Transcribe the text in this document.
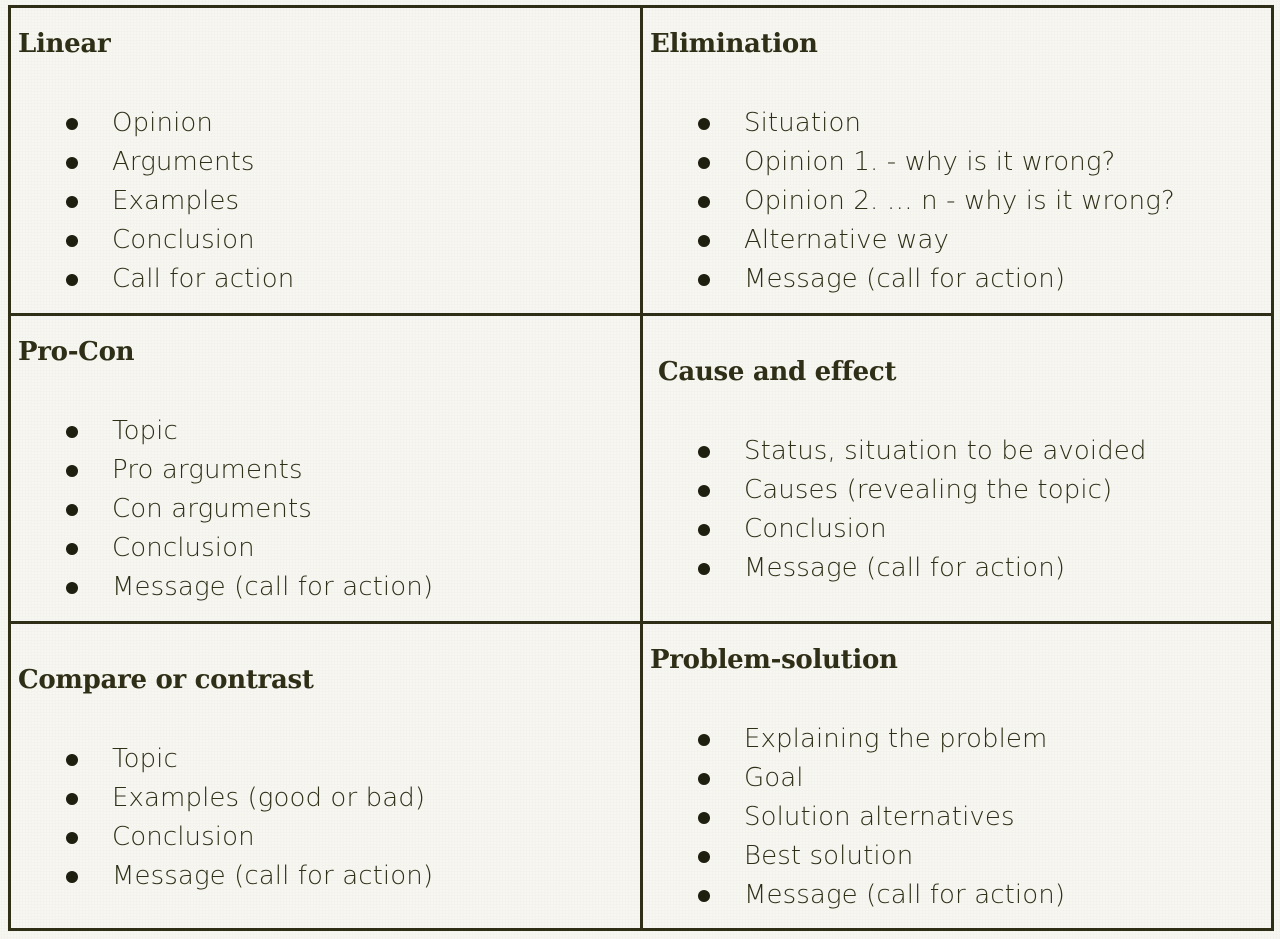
Linear
Opinion
Arguments
Examples
Conclusion
Call for action
Elimination
Situation
Opinion 1. - why is it wrong?
Opinion 2. … n - why is it wrong?
Alternative way
Message (call for action)
Pro-Con
Topic
Pro arguments
Con arguments
Conclusion
Message (call for action)
Cause and effect
Status, situation to be avoided
Causes (revealing the topic)
Conclusion
Message (call for action)
Compare or contrast
Topic
Examples (good or bad)
Conclusion
Message (call for action)
Problem-solution
Explaining the problem
Goal
Solution alternatives
Best solution
Message (call for action)
